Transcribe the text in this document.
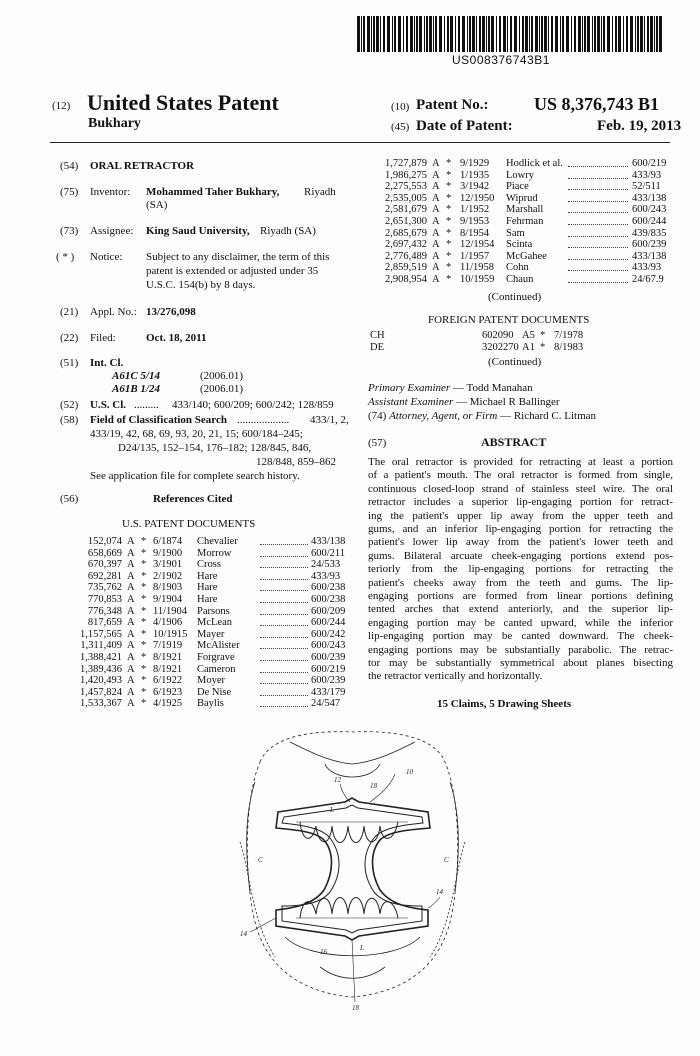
US008376743B1
(12) United States Patent
Bukhary
(10) Patent No.:	US 8,376,743 B1
(45) Date of Patent:	Feb. 19, 2013
(54) ORAL RETRACTOR
(75) Inventor: Mohammed Taher Bukhary, Riyadh
(SA)
(73) Assignee: King Saud University, Riyadh (SA)
( * ) Notice: Subject to any disclaimer, the term of this
patent is extended or adjusted under 35
U.S.C. 154(b) by 8 days.
(21) Appl. No.: 13/276,098
(22) Filed:	Oct. 18, 2011
(51) Int. Cl.
A61C 5/14	(2006.01)
A61B 1/24	(2006.01)
(52) U.S. Cl. ......... 433/140; 600/209; 600/242; 128/859
(58) Field of Classification Search ................... 433/1, 2,
433/19, 42, 68, 69, 93, 20, 21, 15; 600/184–245;
D24/135, 152–154, 176–182; 128/845, 846,
128/848, 859–862
See application file for complete search history.
(56)	References Cited
U.S. PATENT DOCUMENTS
152,074 A * 6/1874 Chevalier	433/138
658,669 A * 9/1900 Morrow	600/211
670,397 A * 3/1901 Cross	24/533
692,281 A * 2/1902 Hare	433/93
735,762 A * 8/1903 Hare	600/238
770,853 A * 9/1904 Hare	600/238
776,348 A * 11/1904 Parsons	600/209
817,659 A * 4/1906 McLean	600/244
1,157,565 A * 10/1915 Mayer	600/242
1,311,409 A * 7/1919 McAlister	600/243
1,388,421 A * 8/1921 Forgrave	600/239
1,389,436 A * 8/1921 Cameron	600/219
1,420,493 A * 6/1922 Moyer	600/239
1,457,824 A * 6/1923 De Nise	433/179
1,533,367 A * 4/1925 Baylis	24/547
1,727,879 A * 9/1929 Hodlick et al.	600/219
1,986,275 A * 1/1935 Lowry	433/93
2,275,553 A * 3/1942 Piace	52/511
2,535,005 A * 12/1950 Wiprud	433/138
2,581,679 A * 1/1952 Marshall	600/243
2,651,300 A * 9/1953 Fehrman	600/244
2,685,679 A * 8/1954 Sam	439/835
2,697,432 A * 12/1954 Scinta	600/239
2,776,489 A * 1/1957 McGahee	433/138
2,859,519 A * 11/1958 Cohn	433/93
2,908,954 A * 10/1959 Chaun	24/67.9
(Continued)
FOREIGN PATENT DOCUMENTS
CH	602090 A5 * 7/1978
DE	3202270 A1 * 8/1983
(Continued)
Primary Examiner — Todd Manahan
Assistant Examiner — Michael R Ballinger
(74) Attorney, Agent, or Firm — Richard C. Litman
(57)	ABSTRACT
The oral retractor is provided for retracting at least a portion
of a patient's mouth. The oral retractor is formed from single,
continuous closed-loop strand of stainless steel wire. The oral
retractor includes a superior lip-engaging portion for retract-
ing the patient's upper lip away from the upper teeth and
gums, and an inferior lip-engaging portion for retracting the
patient's lower lip away from the patient's lower teeth and
gums. Bilateral arcuate cheek-engaging portions extend pos-
teriorly from the lip-engaging portions for retracting the
patient's cheeks away from the teeth and gums. The lip-
engaging portions are formed from linear portions defining
tented arches that extend anteriorly, and the superior lip-
engaging portion may be canted upward, while the inferior
lip-engaging portion may be canted downward. The cheek-
engaging portions may be substantially parabolic. The retrac-
tor may be substantially symmetrical about planes bisecting
the retractor vertically and horizontally.
15 Claims, 5 Drawing Sheets
10
18
12
14
14
18
16
C	C
L
L
